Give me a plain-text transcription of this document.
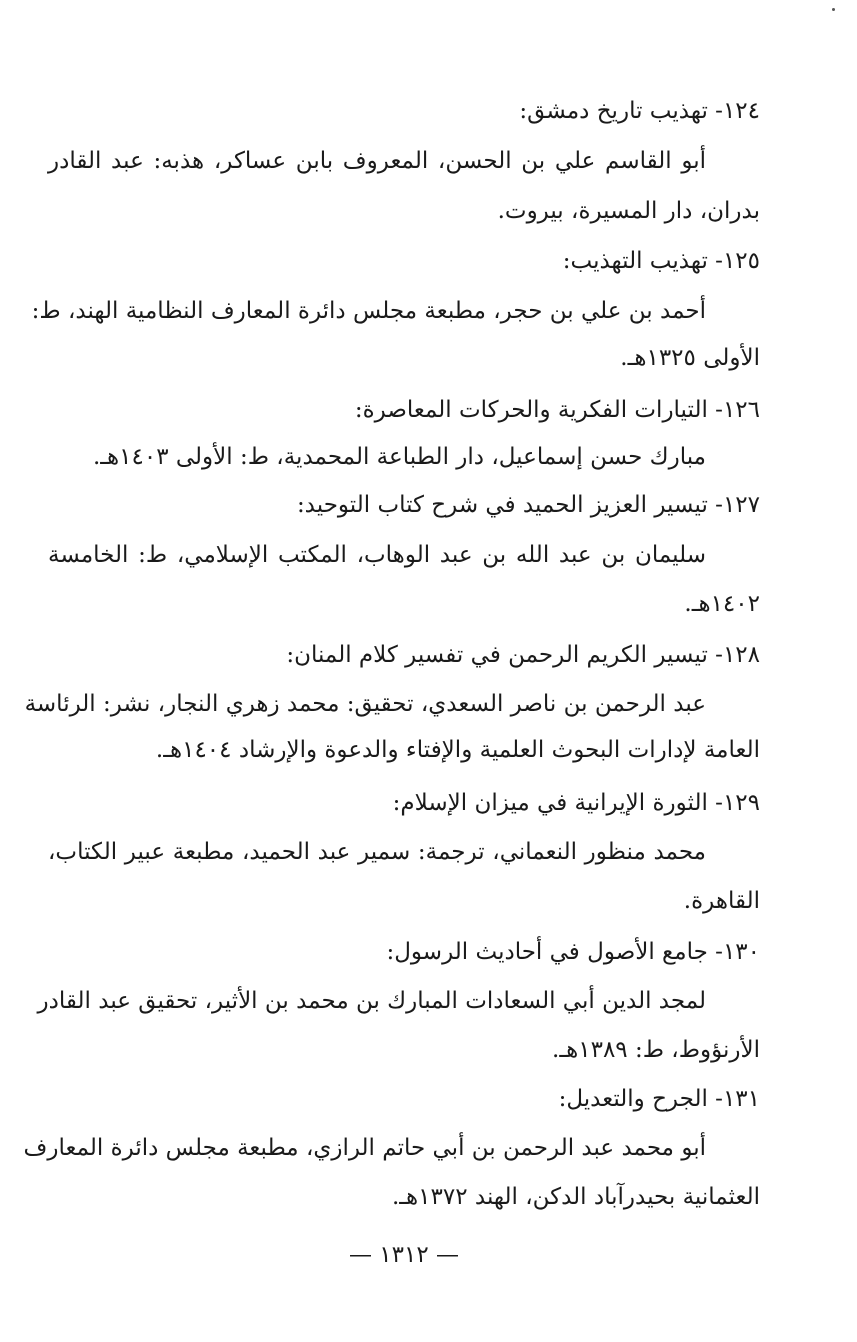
١٢٤- تهذيب تاريخ دمشق:
أبو القاسم علي بن الحسن، المعروف بابن عساكر، هذبه: عبد القادر
بدران، دار المسيرة، بيروت.
١٢٥- تهذيب التهذيب:
أحمد بن علي بن حجر، مطبعة مجلس دائرة المعارف النظامية الهند، ط:
الأولى ١٣٢٥هـ.
١٢٦- التيارات الفكرية والحركات المعاصرة:
مبارك حسن إسماعيل، دار الطباعة المحمدية، ط: الأولى ١٤٠٣هـ.
١٢٧- تيسير العزيز الحميد في شرح كتاب التوحيد:
سليمان بن عبد الله بن عبد الوهاب، المكتب الإسلامي، ط: الخامسة
١٤٠٢هـ.
١٢٨- تيسير الكريم الرحمن في تفسير كلام المنان:
عبد الرحمن بن ناصر السعدي، تحقيق: محمد زهري النجار، نشر: الرئاسة
العامة لإدارات البحوث العلمية والإفتاء والدعوة والإرشاد ١٤٠٤هـ.
١٢٩- الثورة الإيرانية في ميزان الإسلام:
محمد منظور النعماني، ترجمة: سمير عبد الحميد، مطبعة عبير الكتاب،
القاهرة.
١٣٠- جامع الأصول في أحاديث الرسول:
لمجد الدين أبي السعادات المبارك بن محمد بن الأثير، تحقيق عبد القادر
الأرنؤوط، ط: ١٣٨٩هـ.
١٣١- الجرح والتعديل:
أبو محمد عبد الرحمن بن أبي حاتم الرازي، مطبعة مجلس دائرة المعارف
العثمانية بحيدرآباد الدكن، الهند ١٣٧٢هـ.
— ١٣١٢ —
